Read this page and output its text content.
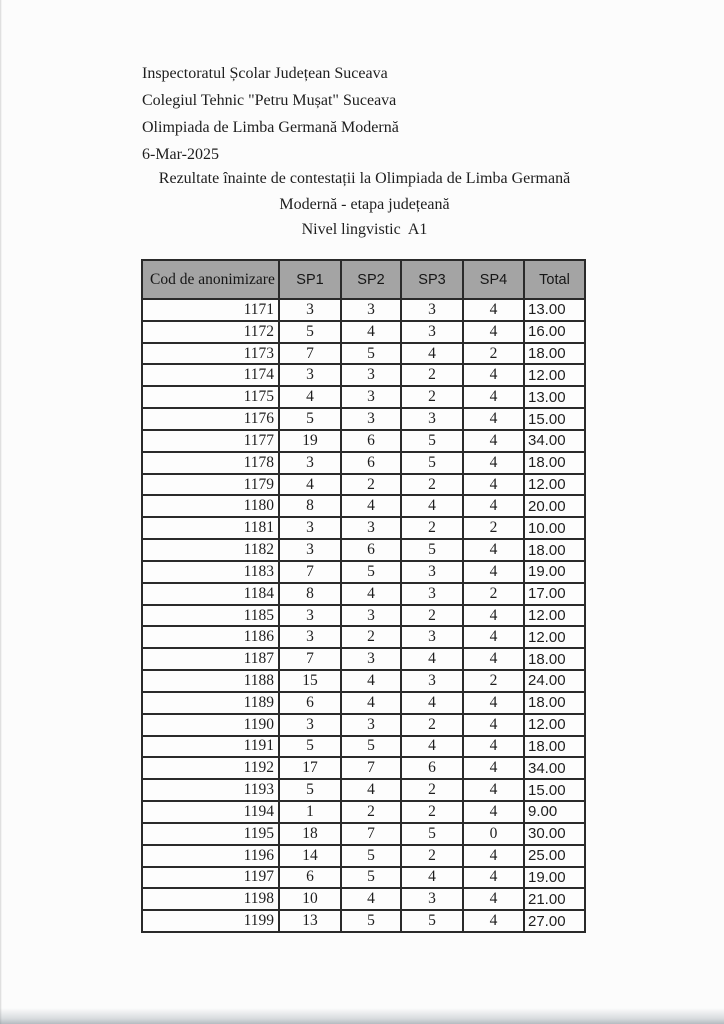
Inspectoratul Școlar Județean Suceava
Colegiul Tehnic "Petru Mușat" Suceava
Olimpiada de Limba Germană Modernă
6-Mar-2025
Rezultate înainte de contestații la Olimpiada de Limba Germană
Modernă - etapa județeană
Nivel lingvistic  A1
Cod de anonimizare	SP1	SP2	SP3	SP4	Total
1171	3	3	3	4	13.00
1172	5	4	3	4	16.00
1173	7	5	4	2	18.00
1174	3	3	2	4	12.00
1175	4	3	2	4	13.00
1176	5	3	3	4	15.00
1177	19	6	5	4	34.00
1178	3	6	5	4	18.00
1179	4	2	2	4	12.00
1180	8	4	4	4	20.00
1181	3	3	2	2	10.00
1182	3	6	5	4	18.00
1183	7	5	3	4	19.00
1184	8	4	3	2	17.00
1185	3	3	2	4	12.00
1186	3	2	3	4	12.00
1187	7	3	4	4	18.00
1188	15	4	3	2	24.00
1189	6	4	4	4	18.00
1190	3	3	2	4	12.00
1191	5	5	4	4	18.00
1192	17	7	6	4	34.00
1193	5	4	2	4	15.00
1194	1	2	2	4	9.00
1195	18	7	5	0	30.00
1196	14	5	2	4	25.00
1197	6	5	4	4	19.00
1198	10	4	3	4	21.00
1199	13	5	5	4	27.00
